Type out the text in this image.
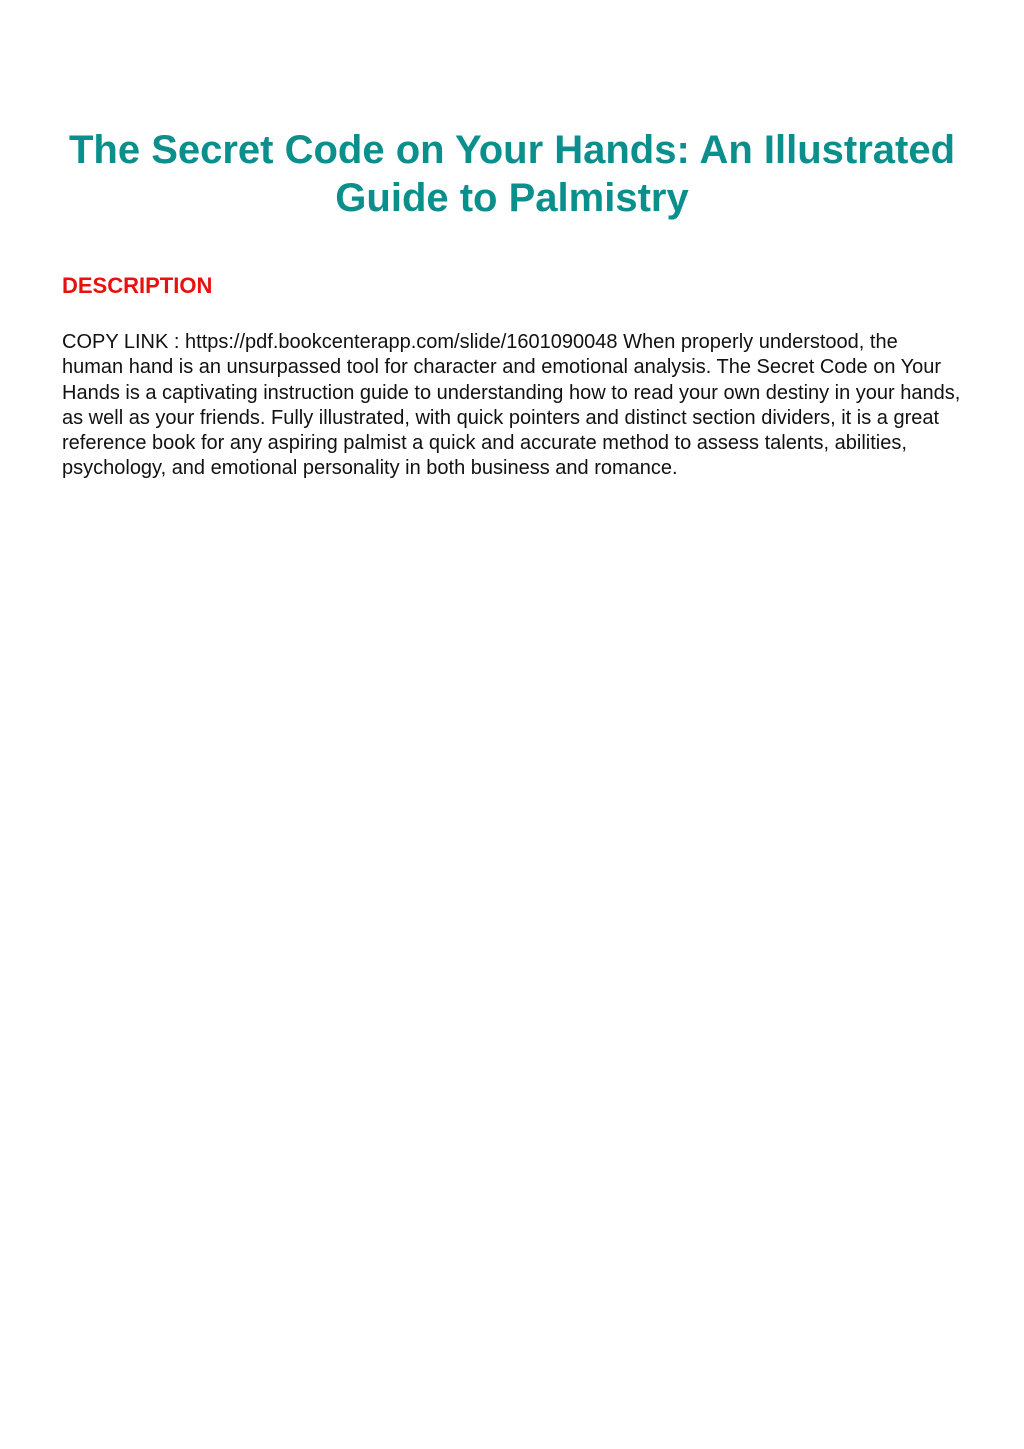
The Secret Code on Your Hands: An Illustrated Guide to Palmistry
DESCRIPTION

COPY LINK : https://pdf.bookcenterapp.com/slide/1601090048 When properly understood, the human hand is an unsurpassed tool for character and emotional analysis. The Secret Code on Your Hands is a captivating instruction guide to understanding how to read your own destiny in your hands, as well as your friends. Fully illustrated, with quick pointers and distinct section dividers, it is a great reference book for any aspiring palmist a quick and accurate method to assess talents, abilities, psychology, and emotional personality in both business and romance.
